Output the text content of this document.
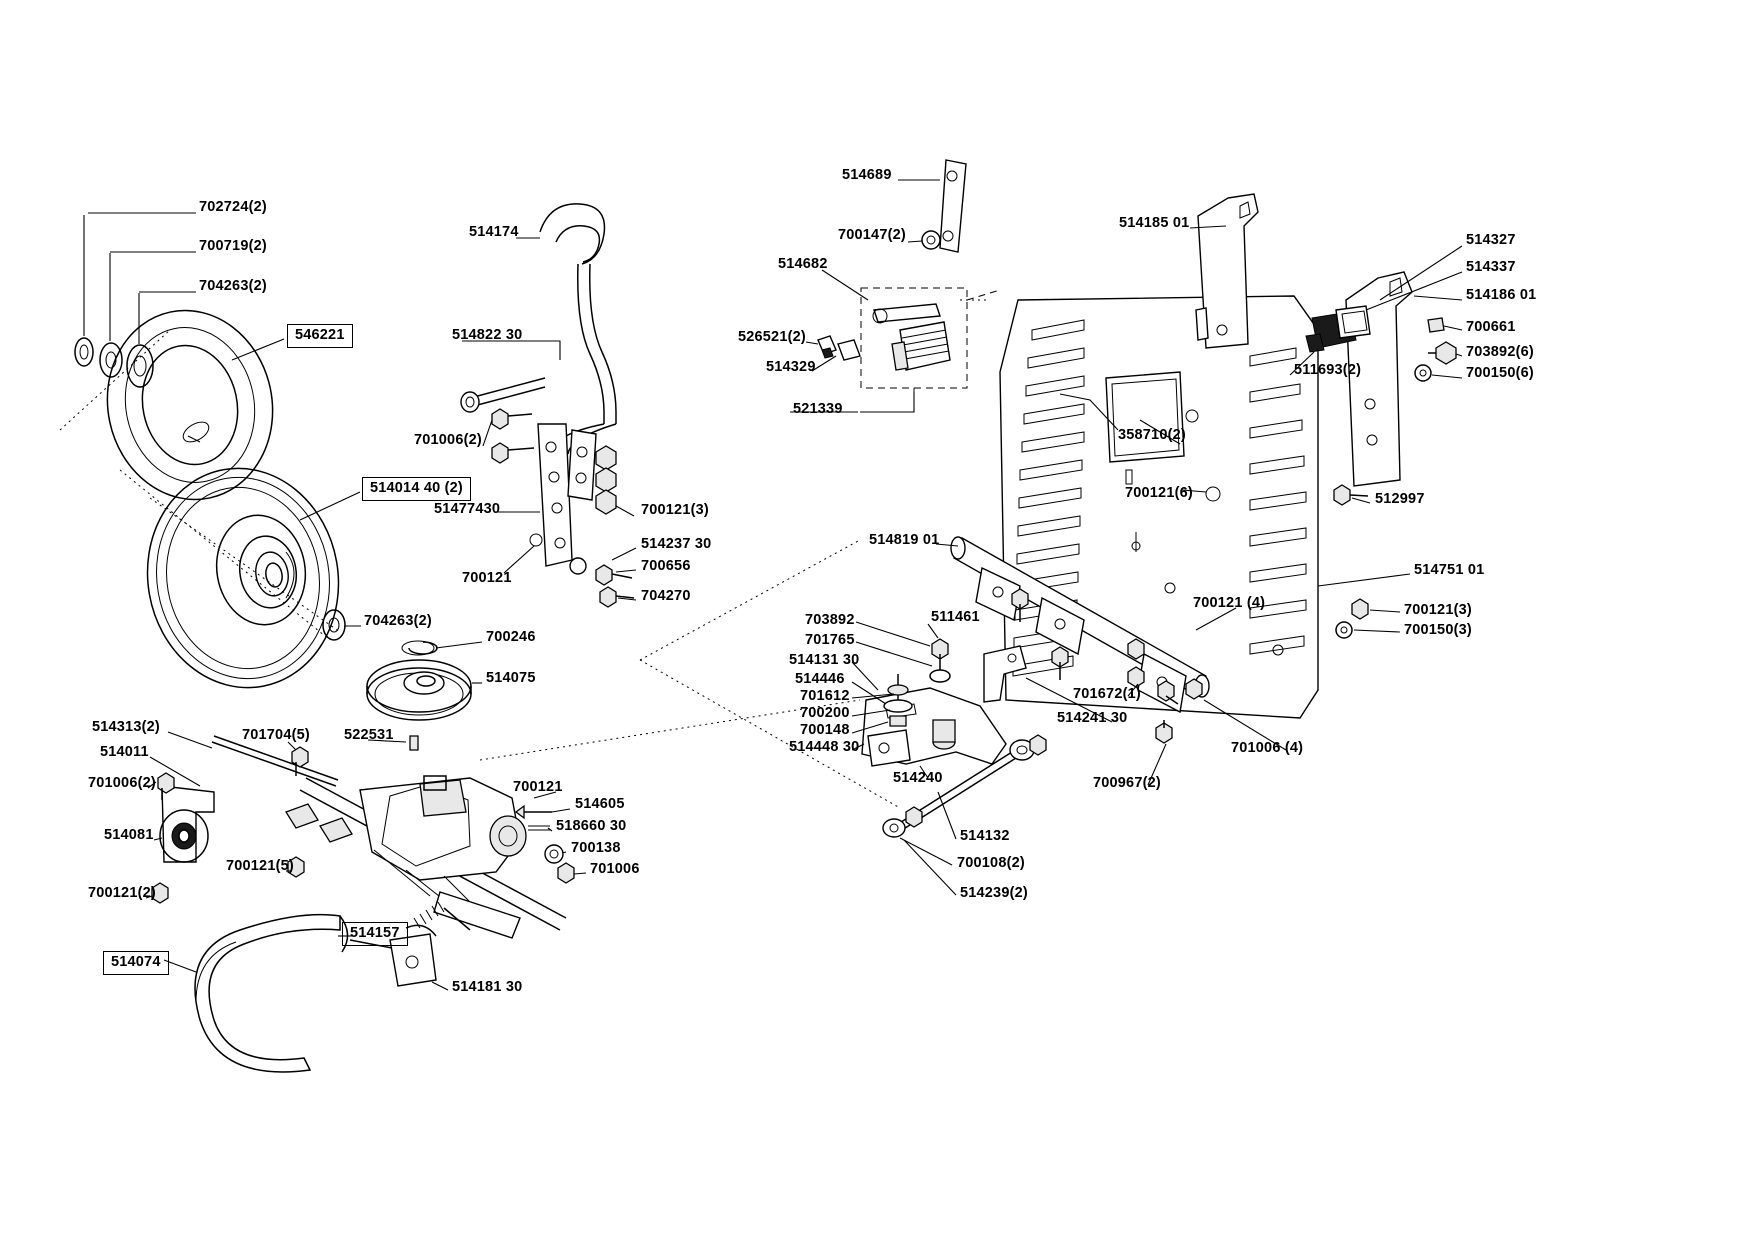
702724(2)
700719(2)
704263(2)
546221
514174
514822 30
701006(2)
514014 40 (2)
51477430	700121(3)
514237 30
700656
704270
700121
704263(2)
700246
514075
522531
514313(2)	701704(5)
514011
701006(2)
514081
700121(5)
700121(2)
700121
514605
518660 30
700138
701006
514157
514074
514181 30
514689
700147(2)
514682
526521(2)
514329
521339
514185 01
514327
514337
514186 01
700661
703892(6)
700150(6)
511693(2)
358710(2)
700121(6)	512997
514819 01
514751 01
700121(3)
700150(3)
703892
701765
511461
514131 30
514446
701612
700200
700148
514448 30
700121 (4)
701672(1)
514241 30
701006 (4)
700967(2)
514240
514132
700108(2)
514239(2)
